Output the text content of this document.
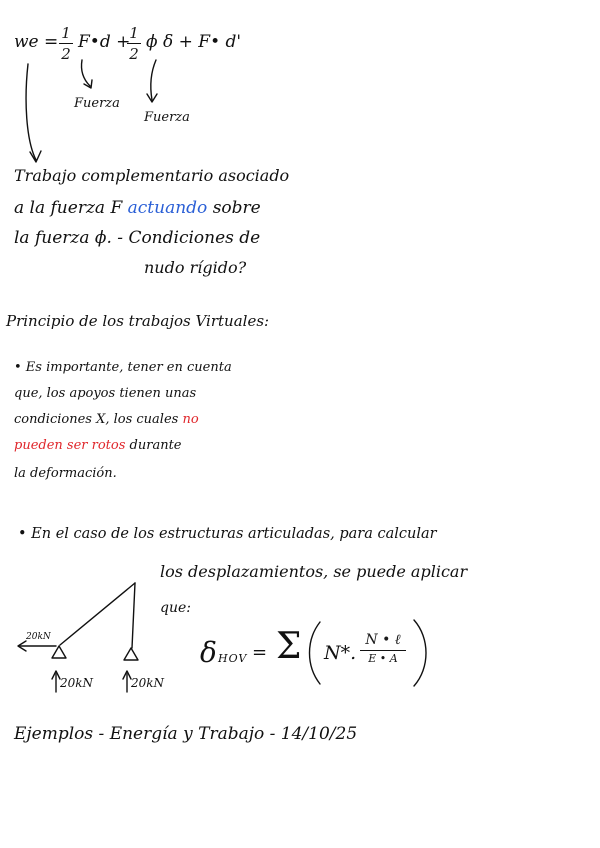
we = 1
2
F•d +
1
2
ϕ δ + F• d'
Fuerza
Fuerza
Trabajo complementario asociado
a la fuerza F actuando sobre
la fuerza ϕ. - Condiciones de
nudo rígido?
Principio de los trabajos Virtuales:
• Es importante, tener en cuenta
que, los apoyos tienen unas
condiciones X, los cuales no
pueden ser rotos durante
la deformación.
• En el caso de los estructuras articuladas, para calcular
los desplazamientos, se puede aplicar
que:
20kN
20kN	20kN
δ HOV = Σ N*.
N • ℓ
E • A
Ejemplos - Energía y Trabajo - 14/10/25
